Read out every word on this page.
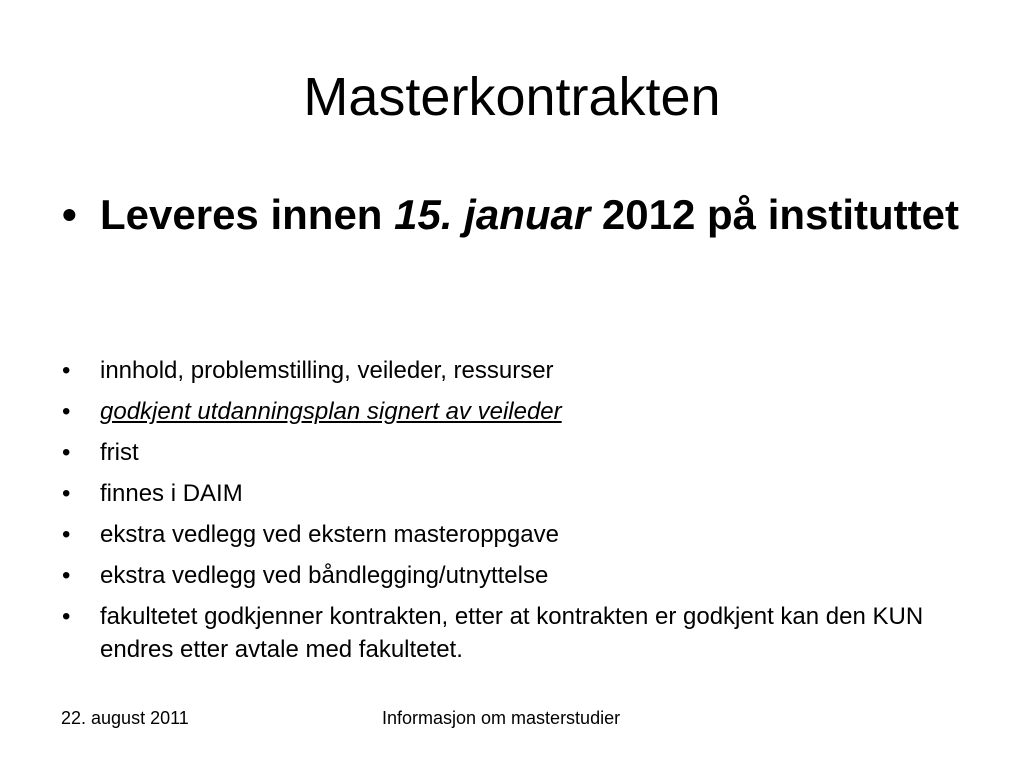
Masterkontrakten
• Leveres innen 15. januar 2012 på instituttet
• innhold, problemstilling, veileder, ressurser
• godkjent utdanningsplan signert av veileder
• frist
• finnes i DAIM
• ekstra vedlegg ved ekstern masteroppgave
• ekstra vedlegg ved båndlegging/utnyttelse
• fakultetet godkjenner kontrakten, etter at kontrakten er godkjent kan den KUN endres etter avtale med fakultetet.
22. august 2011	Informasjon om masterstudier
